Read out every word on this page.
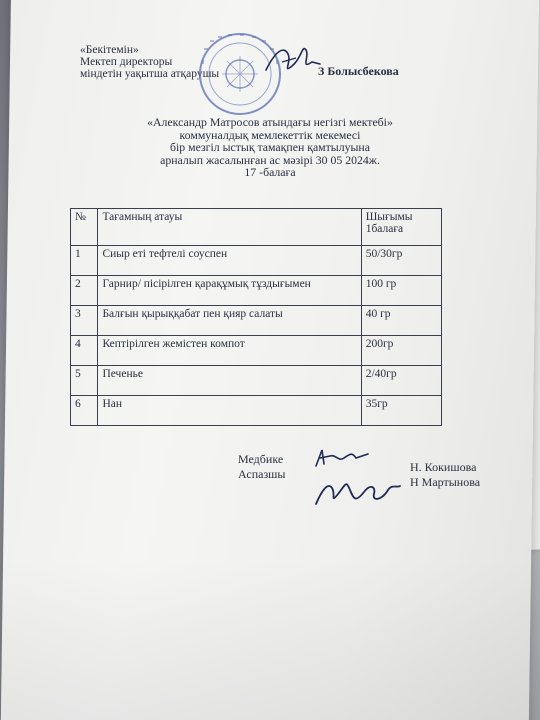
«Бекітемін»
Мектеп директоры
міндетін уақытша атқарушы	З Болысбекова
«Александр Матросов атындағы негізгі мектебі»
коммуналдық мемлекеттік мекемесі
бір мезгіл ыстық тамақпен қамтылуына
арналып жасалынған ас мәзірі 30 05 2024ж.
17 -балаға
№	Тағамның атауы	Шығымы
1балаға

1	Сиыр еті тефтелі соуспен	50/30гр
2	Гарнир/ пісірілген қарақұмық тұздығымен	100 гр
3	Балғын қырыққабат пен қияр салаты	40 гр
4	Кептірілген жемістен компот	200гр
5	Печенье	2/40гр
6	Нан	35гр
Медбике
Аспазшы	Н. Кокишова
Н Мартынова
